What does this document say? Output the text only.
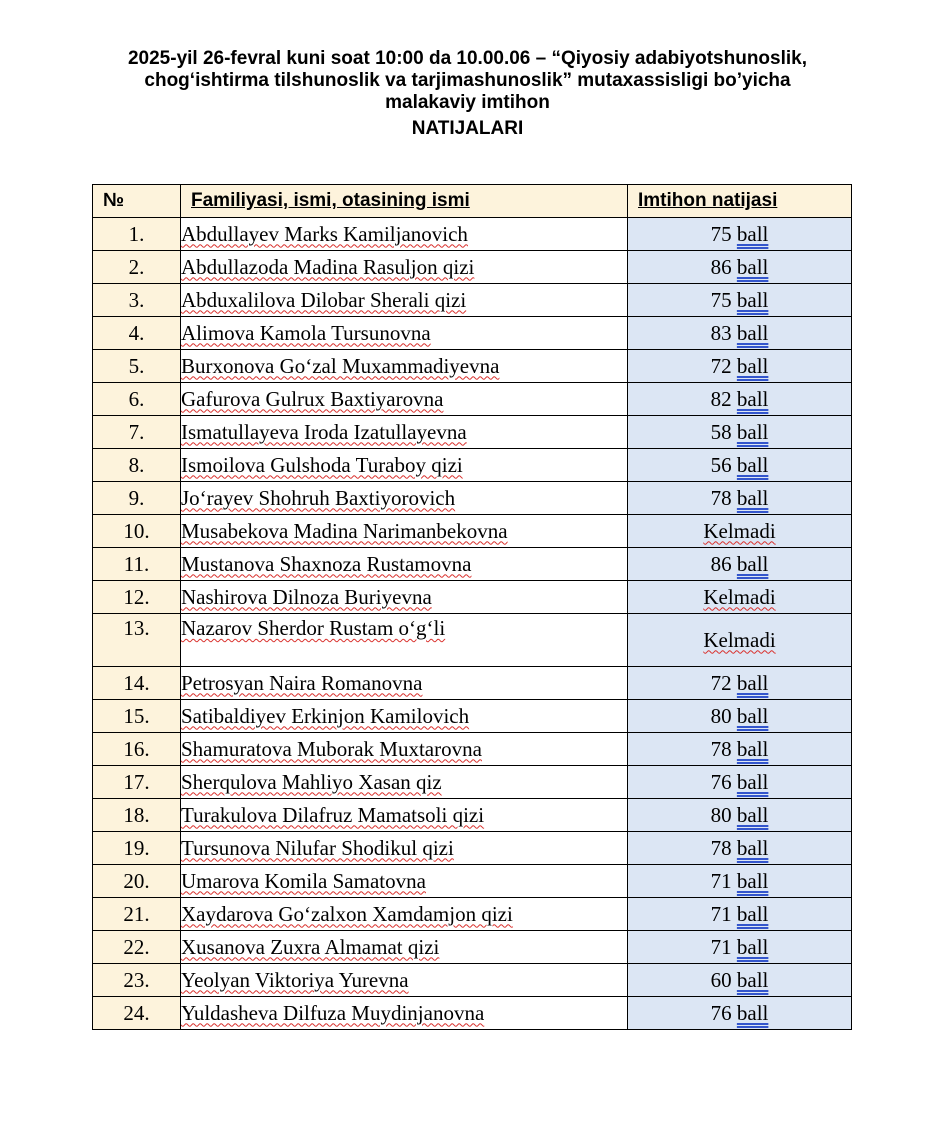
2025-yil 26-fevral kuni soat 10:00 da 10.00.06 – “Qiyosiy adabiyotshunoslik,
chog‘ishtirma tilshunoslik va tarjimashunoslik” mutaxassisligi bo’yicha
malakaviy imtihon
NATIJALARI
№	Familiyasi, ismi, otasining ismi	Imtihon natijasi
1.	Abdullayev Marks Kamiljanovich	75 ball
2.	Abdullazoda Madina Rasuljon qizi	86 ball
3.	Abduxalilova Dilobar Sherali qizi	75 ball
4.	Alimova Kamola Tursunovna	83 ball
5.	Burxonova Go‘zal Muxammadiyevna	72 ball
6.	Gafurova Gulrux Baxtiyarovna	82 ball
7.	Ismatullayeva Iroda Izatullayevna	58 ball
8.	Ismoilova Gulshoda Turaboy qizi	56 ball
9.	Jo‘rayev Shohruh Baxtiyorovich	78 ball
10.	Musabekova Madina Narimanbekovna	Kelmadi
11.	Mustanova Shaxnoza Rustamovna	86 ball
12.	Nashirova Dilnoza Buriyevna	Kelmadi
13.	Nazarov Sherdor Rustam o‘g‘li	Kelmadi
14.	Petrosyan Naira Romanovna	72 ball
15.	Satibaldiyev Erkinjon Kamilovich	80 ball
16.	Shamuratova Muborak Muxtarovna	78 ball
17.	Sherqulova Mahliyo Xasan qiz	76 ball
18.	Turakulova Dilafruz Mamatsoli qizi	80 ball
19.	Tursunova Nilufar Shodikul qizi	78 ball
20.	Umarova Komila Samatovna	71 ball
21.	Xaydarova Go‘zalxon Xamdamjon qizi	71 ball
22.	Xusanova Zuxra Almamat qizi	71 ball
23.	Yeolyan Viktoriya Yurevna	60 ball
24.	Yuldasheva Dilfuza Muydinjanovna	76 ball
